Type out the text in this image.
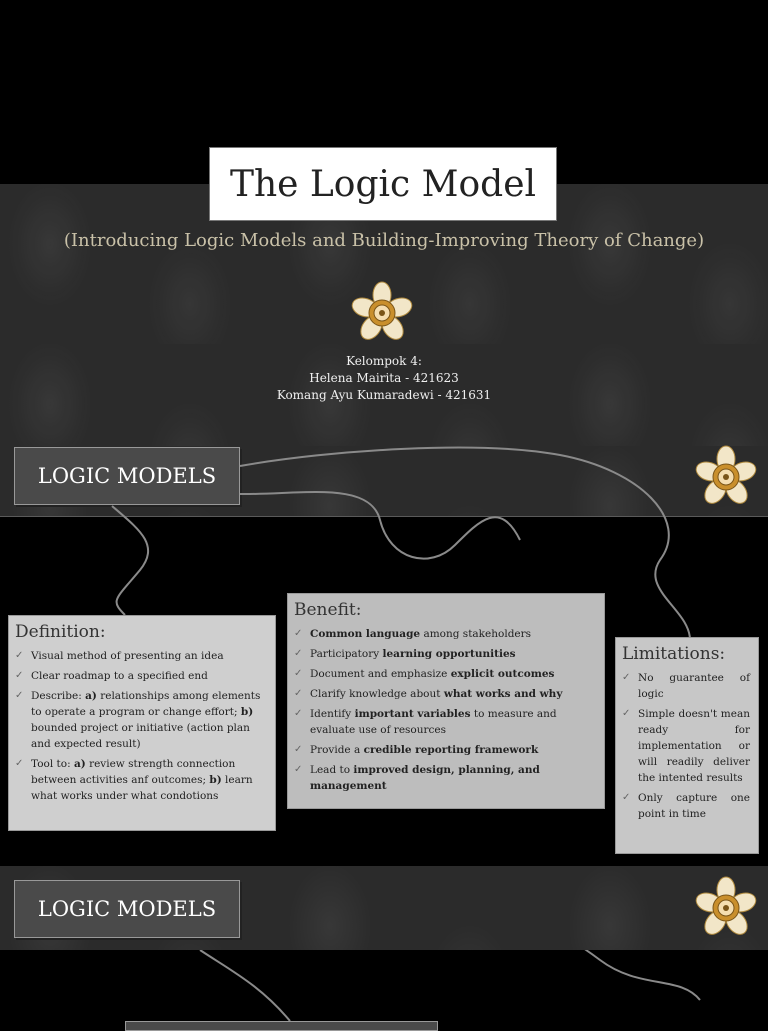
The Logic Model
(Introducing Logic Models and Building-Improving Theory of Change)
Kelompok 4:
Helena Mairita - 421623
Komang Ayu Kumaradewi - 421631
LOGIC MODELS
Definition:
✓ Visual method of presenting an idea
✓ Clear roadmap to a specified end
✓ Describe: a) relationships among elements to operate a program or change effort; b) bounded project or initiative (action plan and expected result)
✓ Tool to: a) review strength connection between activities anf outcomes; b) learn what works under what condotions
Benefit:
✓ Common language among stakeholders
✓ Participatory learning opportunities
✓ Document and emphasize explicit outcomes
✓ Clarify knowledge about what works and why
✓ Identify important variables to measure and evaluate use of resources
✓ Provide a credible reporting framework
✓ Lead to improved design, planning, and management
Limitations:
✓ No guarantee of logic
✓ Simple doesn't mean ready for implementation or will readily deliver the intented results
✓ Only capture one point in time
LOGIC MODELS
